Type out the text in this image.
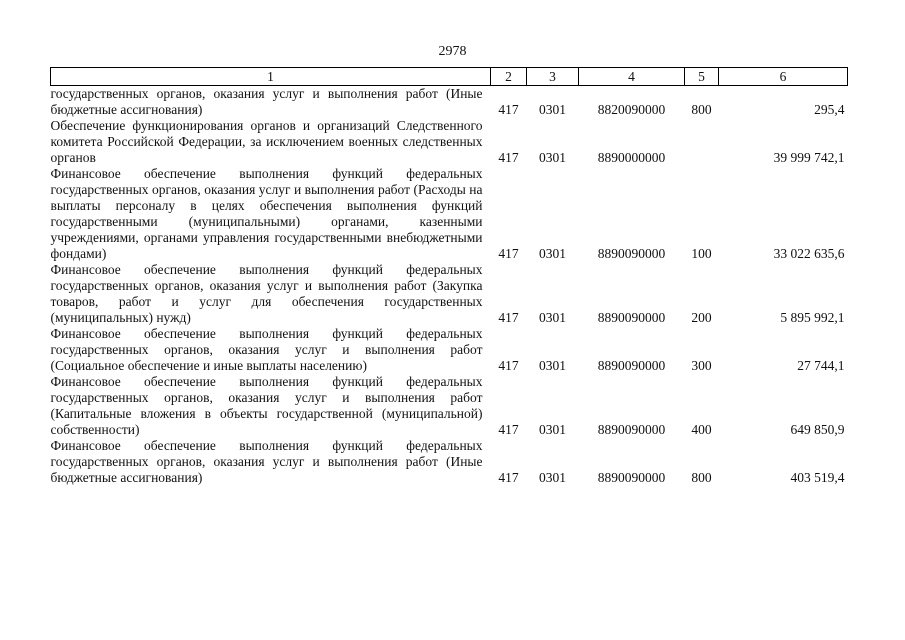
2978
1	2	3	4	5	6
государственных органов, оказания услуг и выполнения работ (Иные бюджетные ассигнования)	417	0301	8820090000	800	295,4
Обеспечение функционирования органов и организаций Следственного комитета Российской Федерации, за исключением военных следственных органов	417	0301	8890000000		39 999 742,1
Финансовое обеспечение выполнения функций федеральных государственных органов, оказания услуг и выполнения работ (Расходы на выплаты персоналу в целях обеспечения выполнения функций государственными (муниципальными) органами, казенными учреждениями, органами управления государственными внебюджетными фондами)	417	0301	8890090000	100	33 022 635,6
Финансовое обеспечение выполнения функций федеральных государственных органов, оказания услуг и выполнения работ (Закупка товаров, работ и услуг для обеспечения государственных (муниципальных) нужд)	417	0301	8890090000	200	5 895 992,1
Финансовое обеспечение выполнения функций федеральных государственных органов, оказания услуг и выполнения работ (Социальное обеспечение и иные выплаты населению)	417	0301	8890090000	300	27 744,1
Финансовое обеспечение выполнения функций федеральных государственных органов, оказания услуг и выполнения работ (Капитальные вложения в объекты государственной (муниципальной) собственности)	417	0301	8890090000	400	649 850,9
Финансовое обеспечение выполнения функций федеральных государственных органов, оказания услуг и выполнения работ (Иные бюджетные ассигнования)	417	0301	8890090000	800	403 519,4
